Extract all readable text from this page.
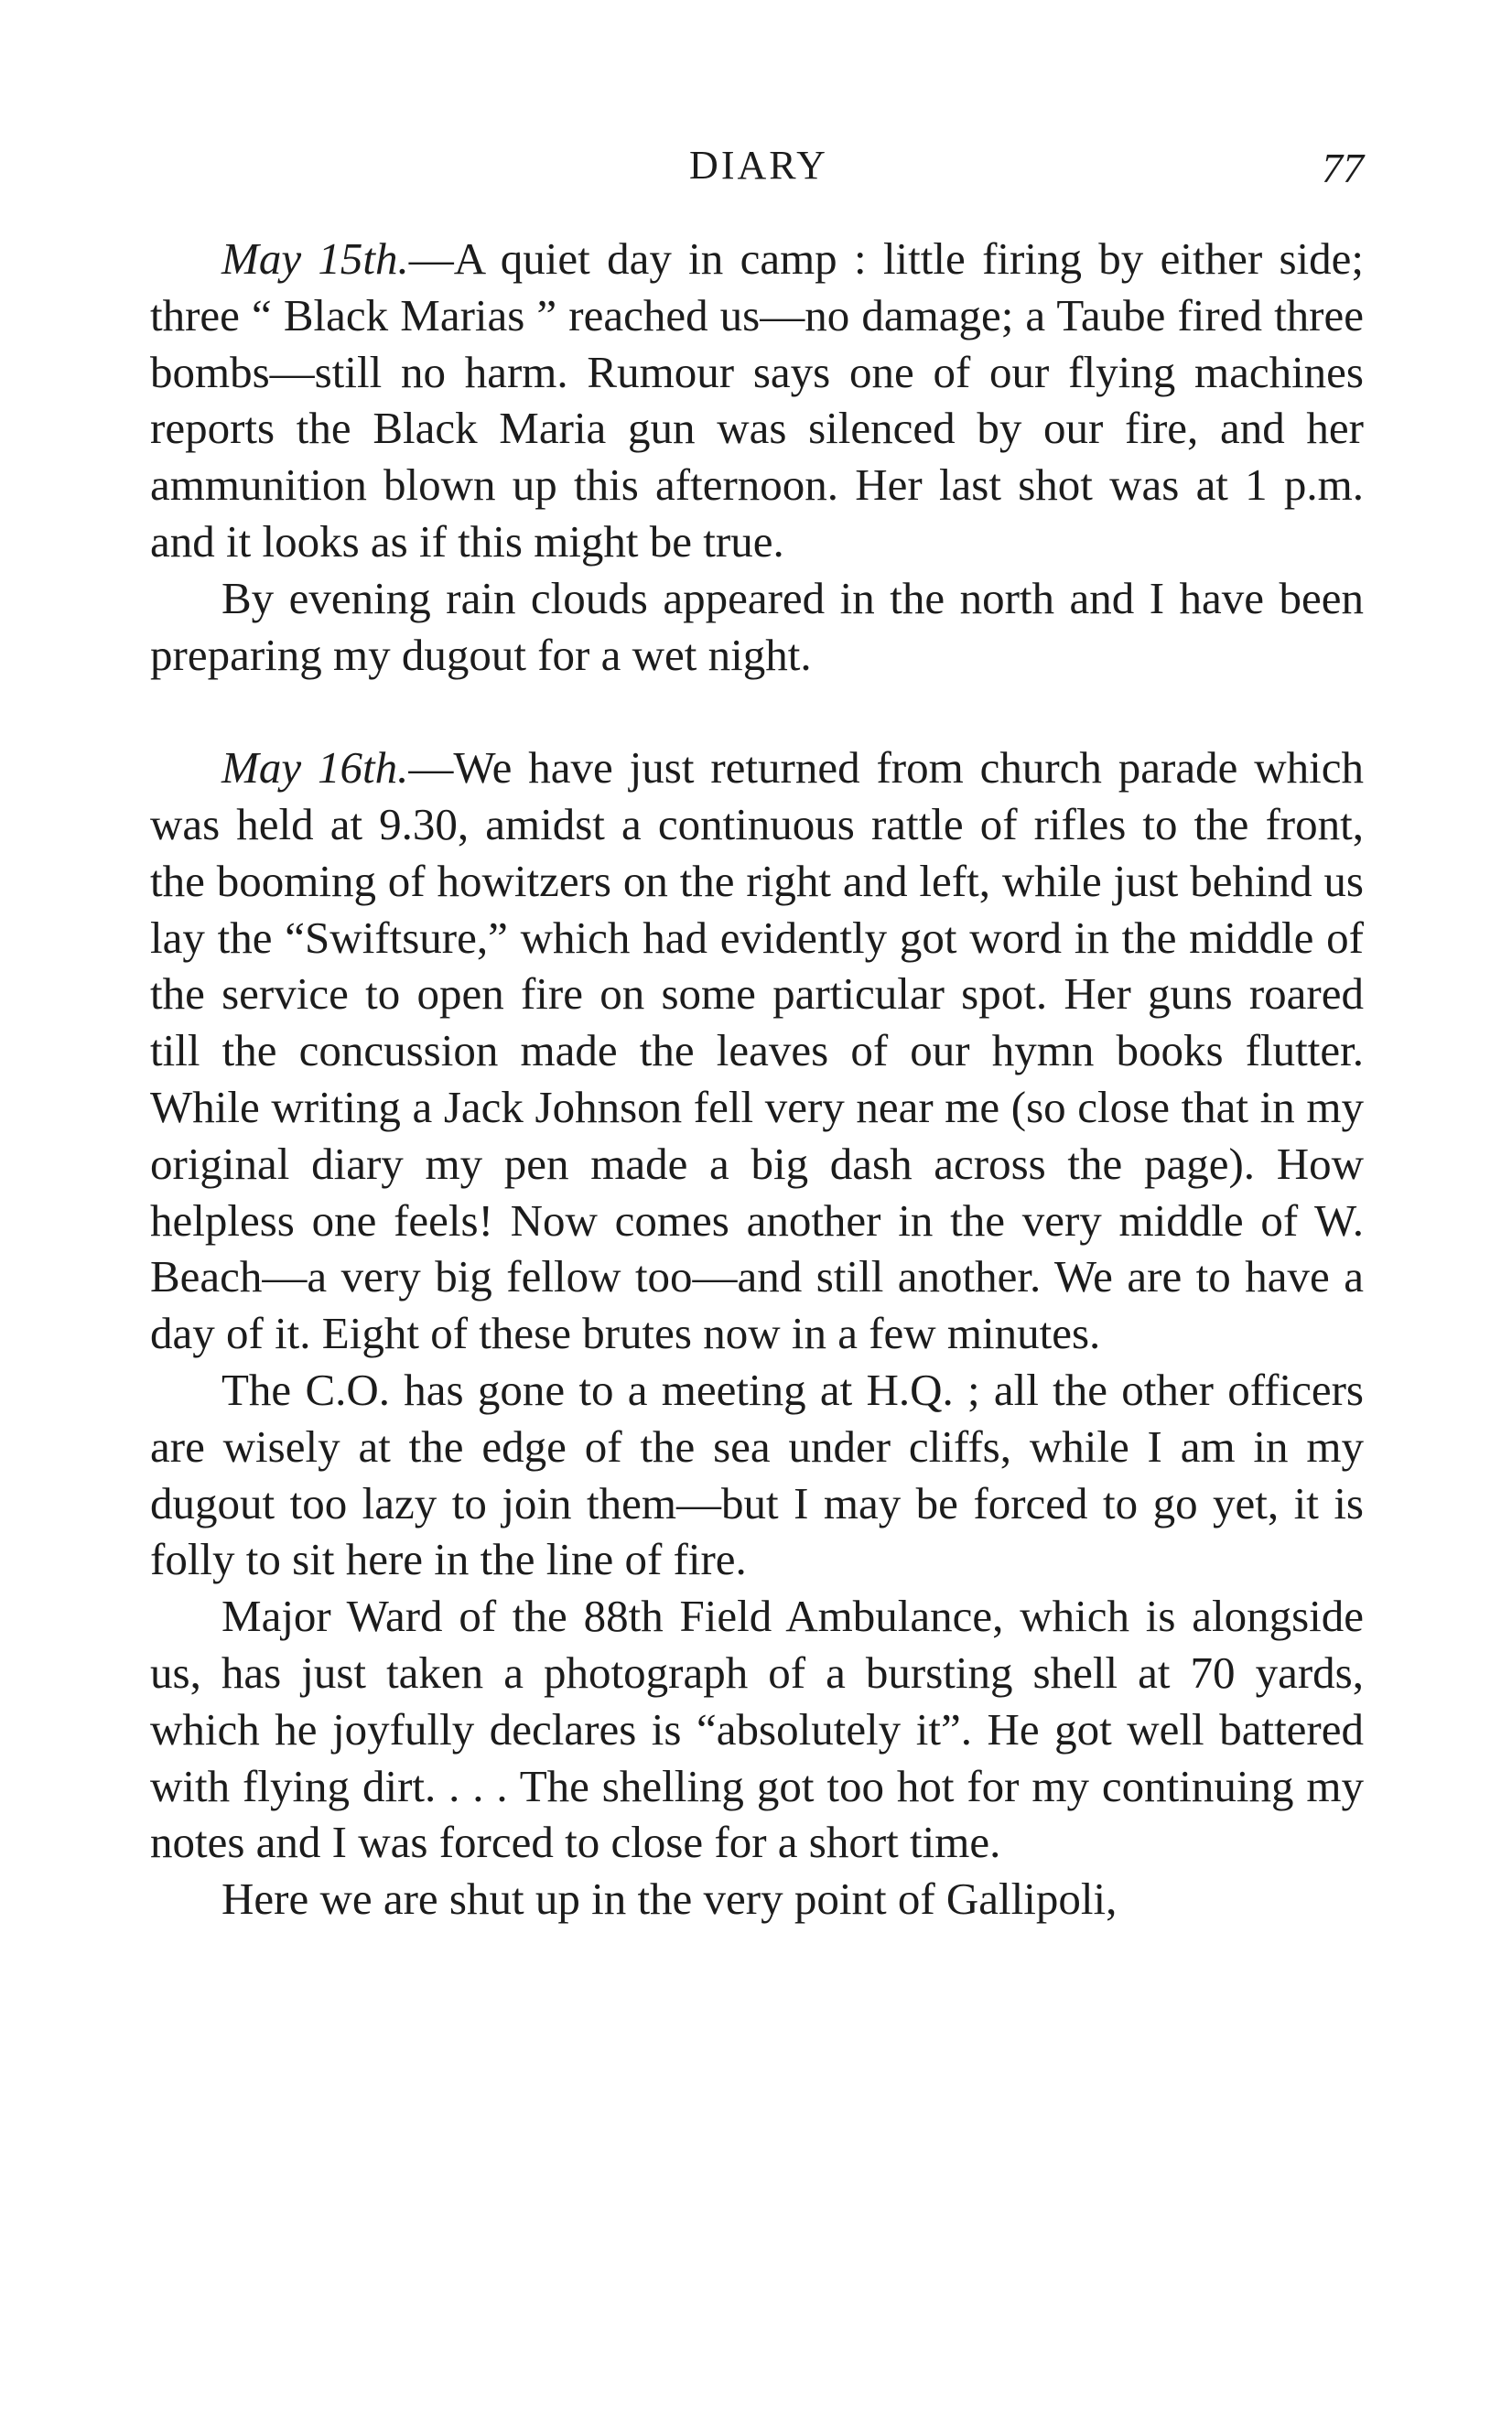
DIARY	77

May 15th.—A quiet day in camp : little firing by either side; three “ Black Marias ” reached us—no damage; a Taube fired three bombs—still no harm. Rumour says one of our flying machines reports the Black Maria gun was silenced by our fire, and her ammunition blown up this afternoon. Her last shot was at 1 p.m. and it looks as if this might be true.

By evening rain clouds appeared in the north and I have been preparing my dugout for a wet night.

May 16th.—We have just returned from church parade which was held at 9.30, amidst a continuous rattle of rifles to the front, the booming of howitzers on the right and left, while just behind us lay the “Swiftsure,” which had evidently got word in the middle of the service to open fire on some particular spot. Her guns roared till the concussion made the leaves of our hymn books flutter. While writing a Jack Johnson fell very near me (so close that in my original diary my pen made a big dash across the page). How helpless one feels! Now comes another in the very middle of W. Beach—a very big fellow too—and still another. We are to have a day of it. Eight of these brutes now in a few minutes.

The C.O. has gone to a meeting at H.Q. ; all the other officers are wisely at the edge of the sea under cliffs, while I am in my dugout too lazy to join them—but I may be forced to go yet, it is folly to sit here in the line of fire.

Major Ward of the 88th Field Ambulance, which is alongside us, has just taken a photograph of a bursting shell at 70 yards, which he joyfully declares is “absolutely it”. He got well battered with flying dirt. . . . The shelling got too hot for my continuing my notes and I was forced to close for a short time.

Here we are shut up in the very point of Gallipoli,
